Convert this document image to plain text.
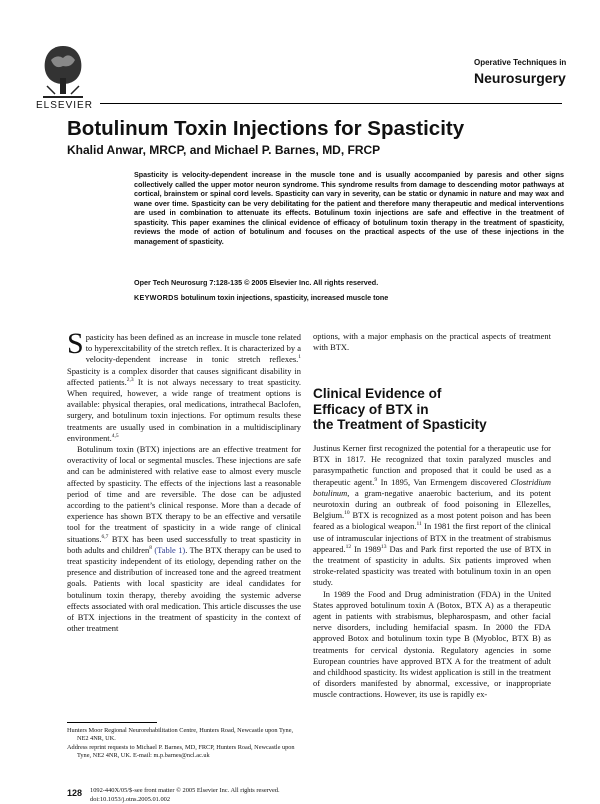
ELSEVIER
Operative Techniques in
Neurosurgery
Botulinum Toxin Injections for Spasticity
Khalid Anwar, MRCP, and Michael P. Barnes, MD, FRCP
Spasticity is velocity-dependent increase in the muscle tone and is usually accompanied by paresis and other signs collectively called the upper motor neuron syndrome. This syndrome results from damage to descending motor pathways at cortical, brainstem or spinal cord levels. Spasticity can vary in severity, can be static or dynamic in nature and may wax and wane over time. Spasticity can be very debilitating for the patient and therefore many therapeutic and medical interventions are used in combination to attenuate its effects. Botulinum toxin injections are safe and effective in the treatment of spasticity. This paper examines the clinical evidence of efficacy of botulinum toxin therapy in the treatment of spasticity, reviews the mode of action of botulinum and focuses on the practical aspects of the use of these injections in the management of spasticity.
Oper Tech Neurosurg 7:128-135 © 2005 Elsevier Inc. All rights reserved.
KEYWORDS botulinum toxin injections, spasticity, increased muscle tone

Spasticity has been defined as an increase in muscle tone related to hyperexcitability of the stretch reflex. It is characterized by a velocity-dependent increase in tonic stretch reflexes.$^1$ Spasticity is a complex disorder that causes significant disability in affected patients.$^{2,3}$ It is not always necessary to treat spasticity. When required, however, a wide range of treatment options is available: physical therapies, oral medications, intrathecal Baclofen, surgery, and botulinum toxin injections. For optimum results these treatments are usually used in combination in a multidisciplinary environment.$^{4,5}$

Botulinum toxin (BTX) injections are an effective treatment for overactivity of local or segmental muscles. These injections are safe and can be administered with relative ease to almost every muscle affected by spasticity. The effects of the injections last a reasonable period of time and are reversible. The dose can be adjusted according to the patient’s clinical response. More than a decade of experience has shown BTX therapy to be an effective and versatile tool for the treatment of spasticity in a wide range of clinical situations.$^{6,7}$ BTX has been used successfully to treat spasticity in both adults and children$^8$ (Table 1). The BTX therapy can be used to treat spasticity independent of its etiology, depending rather on the presence and distribution of increased tone and the agreed treatment goals. Patients with local spasticity are ideal candidates for botulinum toxin therapy, thereby avoiding the systemic adverse effects associated with oral medication. This article discusses the use of BTX injections in the treatment of spasticity in the context of other treatment

options, with a major emphasis on the practical aspects of treatment with BTX.

Clinical Evidence of
Efficacy of BTX in
the Treatment of Spasticity

Justinus Kerner first recognized the potential for a therapeutic use for BTX in 1817. He recognized that toxin paralyzed muscles and parasympathetic function and proposed that it could be used as a therapeutic agent.$^9$ In 1895, Van Ermengem discovered Clostridium botulinum, a gram-negative anaerobic bacterium, and its potent neurotoxin during an outbreak of food poisoning in Ellezelles, Belgium.$^{10}$ BTX is recognized as a most potent poison and has been feared as a biological weapon.$^{11}$ In 1981 the first report of the clinical use of intramuscular injections of BTX in the treatment of strabismus appeared.$^{12}$ In 1989$^{13}$ Das and Park first reported the use of BTX in the treatment of spasticity in adults. Six patients improved when stroke-related spasticity was treated with botulinum toxin in an open study.

In 1989 the Food and Drug administration (FDA) in the United States approved botulinum toxin A (Botox, BTX A) as a therapeutic agent in patients with strabismus, blepharospasm, and other facial nerve disorders, including hemifacial spasm. In 2000 the FDA approved Botox and botulinum toxin type B (Myobloc, BTX B) as treatments for cervical dystonia. Regulatory agencies in some European countries have approved BTX A for the treatment of adult and childhood spasticity. Its widest application is still in the treatment of disorders manifested by abnormal, excessive, or inappropriate muscle contractions. However, its use is rapidly ex-

Hunters Moor Regional Neurorehabilitation Centre, Hunters Road, Newcastle upon Tyne, NE2 4NR, UK.

Address reprint requests to Michael P. Barnes, MD, FRCP, Hunters Road, Newcastle upon Tyne, NE2 4NR, UK. E-mail: m.p.barnes@ncl.ac.uk

128 1092-440X/05/$-see front matter © 2005 Elsevier Inc. All rights reserved.
doi:10.1053/j.otns.2005.01.002
